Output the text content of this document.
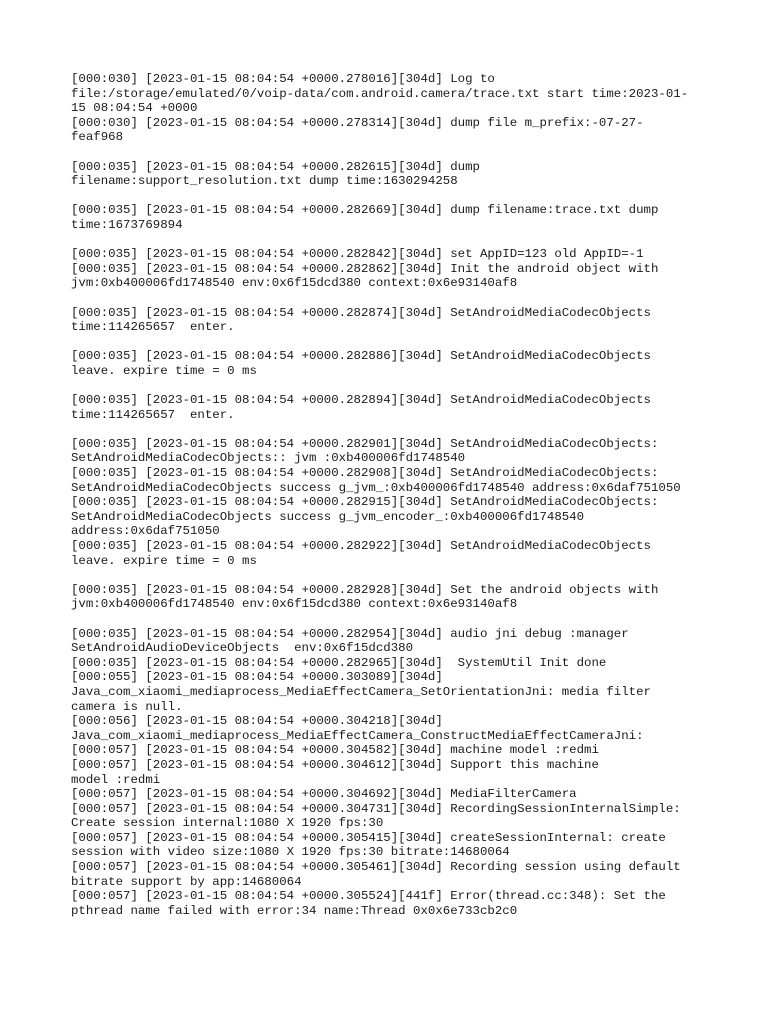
[000:030] [2023-01-15 08:04:54 +0000.278016][304d] Log to
file:/storage/emulated/0/voip-data/com.android.camera/trace.txt start time:2023-01-
15 08:04:54 +0000

[000:030] [2023-01-15 08:04:54 +0000.278314][304d] dump file m_prefix:-07-27-
feaf968

[000:035] [2023-01-15 08:04:54 +0000.282615][304d] dump
filename:support_resolution.txt dump time:1630294258

[000:035] [2023-01-15 08:04:54 +0000.282669][304d] dump filename:trace.txt dump
time:1673769894

[000:035] [2023-01-15 08:04:54 +0000.282842][304d] set AppID=123 old AppID=-1

[000:035] [2023-01-15 08:04:54 +0000.282862][304d] Init the android object with
jvm:0xb400006fd1748540 env:0x6f15dcd380 context:0x6e93140af8

[000:035] [2023-01-15 08:04:54 +0000.282874][304d] SetAndroidMediaCodecObjects
time:114265657  enter.

[000:035] [2023-01-15 08:04:54 +0000.282886][304d] SetAndroidMediaCodecObjects
leave. expire time = 0 ms

[000:035] [2023-01-15 08:04:54 +0000.282894][304d] SetAndroidMediaCodecObjects
time:114265657  enter.

[000:035] [2023-01-15 08:04:54 +0000.282901][304d] SetAndroidMediaCodecObjects:
SetAndroidMediaCodecObjects:: jvm :0xb400006fd1748540

[000:035] [2023-01-15 08:04:54 +0000.282908][304d] SetAndroidMediaCodecObjects:
SetAndroidMediaCodecObjects success g_jvm_:0xb400006fd1748540 address:0x6daf751050

[000:035] [2023-01-15 08:04:54 +0000.282915][304d] SetAndroidMediaCodecObjects:
SetAndroidMediaCodecObjects success g_jvm_encoder_:0xb400006fd1748540
address:0x6daf751050

[000:035] [2023-01-15 08:04:54 +0000.282922][304d] SetAndroidMediaCodecObjects
leave. expire time = 0 ms

[000:035] [2023-01-15 08:04:54 +0000.282928][304d] Set the android objects with
jvm:0xb400006fd1748540 env:0x6f15dcd380 context:0x6e93140af8

[000:035] [2023-01-15 08:04:54 +0000.282954][304d] audio jni debug :manager
SetAndroidAudioDeviceObjects  env:0x6f15dcd380

[000:035] [2023-01-15 08:04:54 +0000.282965][304d]  SystemUtil Init done

[000:055] [2023-01-15 08:04:54 +0000.303089][304d]
Java_com_xiaomi_mediaprocess_MediaEffectCamera_SetOrientationJni: media filter
camera is null.

[000:056] [2023-01-15 08:04:54 +0000.304218][304d]
Java_com_xiaomi_mediaprocess_MediaEffectCamera_ConstructMediaEffectCameraJni:

[000:057] [2023-01-15 08:04:54 +0000.304582][304d] machine model :redmi

[000:057] [2023-01-15 08:04:54 +0000.304612][304d] Support this machine
model :redmi

[000:057] [2023-01-15 08:04:54 +0000.304692][304d] MediaFilterCamera

[000:057] [2023-01-15 08:04:54 +0000.304731][304d] RecordingSessionInternalSimple:
Create session internal:1080 X 1920 fps:30

[000:057] [2023-01-15 08:04:54 +0000.305415][304d] createSessionInternal: create
session with video size:1080 X 1920 fps:30 bitrate:14680064

[000:057] [2023-01-15 08:04:54 +0000.305461][304d] Recording session using default
bitrate support by app:14680064

[000:057] [2023-01-15 08:04:54 +0000.305524][441f] Error(thread.cc:348): Set the
pthread name failed with error:34 name:Thread 0x0x6e733cb2c0
